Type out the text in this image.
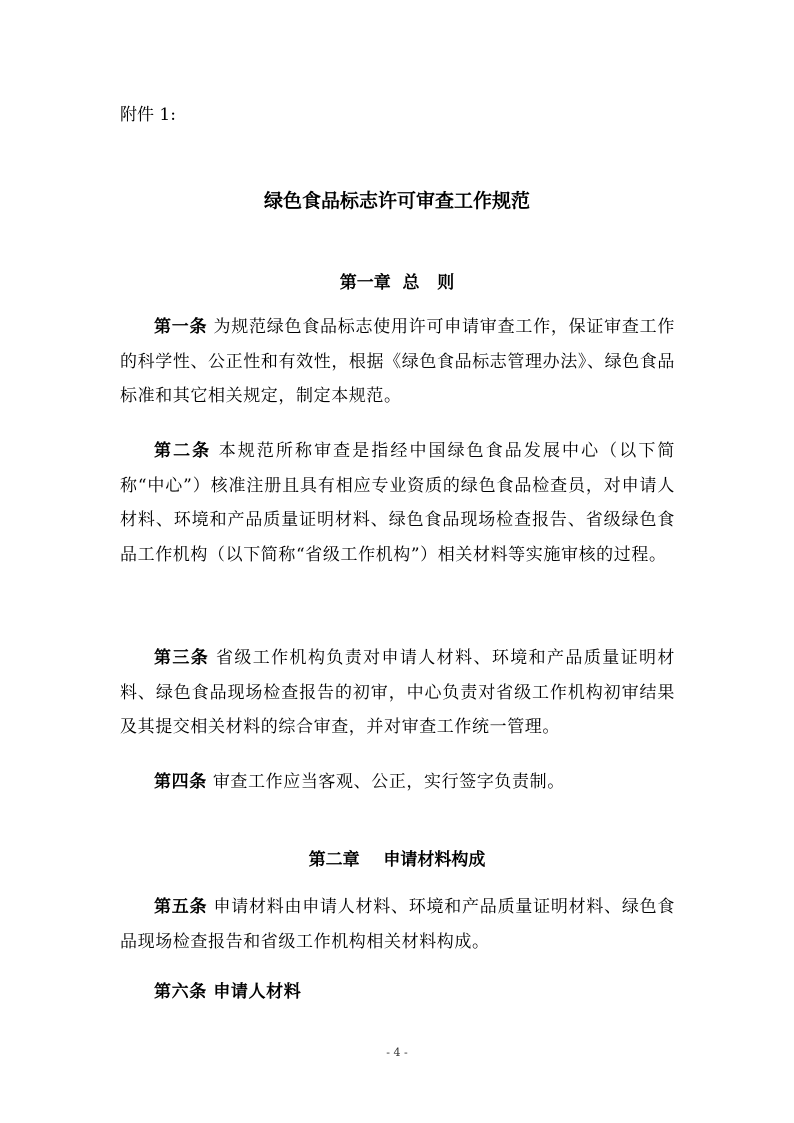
附件 1:
绿色食品标志许可审查工作规范
第一章  总   则

第一条 为规范绿色食品标志使用许可申请审查工作，保证审查工作的科学性、公正性和有效性，根据《绿色食品标志管理办法》、绿色食品标准和其它相关规定，制定本规范。

第二条 本规范所称审查是指经中国绿色食品发展中心（以下简称“中心”）核准注册且具有相应专业资质的绿色食品检查员，对申请人材料、环境和产品质量证明材料、绿色食品现场检查报告、省级绿色食品工作机构（以下简称“省级工作机构”）相关材料等实施审核的过程。

第三条 省级工作机构负责对申请人材料、环境和产品质量证明材料、绿色食品现场检查报告的初审，中心负责对省级工作机构初审结果及其提交相关材料的综合审查，并对审查工作统一管理。

第四条 审查工作应当客观、公正，实行签字负责制。

第二章    申请材料构成

第五条 申请材料由申请人材料、环境和产品质量证明材料、绿色食品现场检查报告和省级工作机构相关材料构成。

第六条 申请人材料

- 4 -
